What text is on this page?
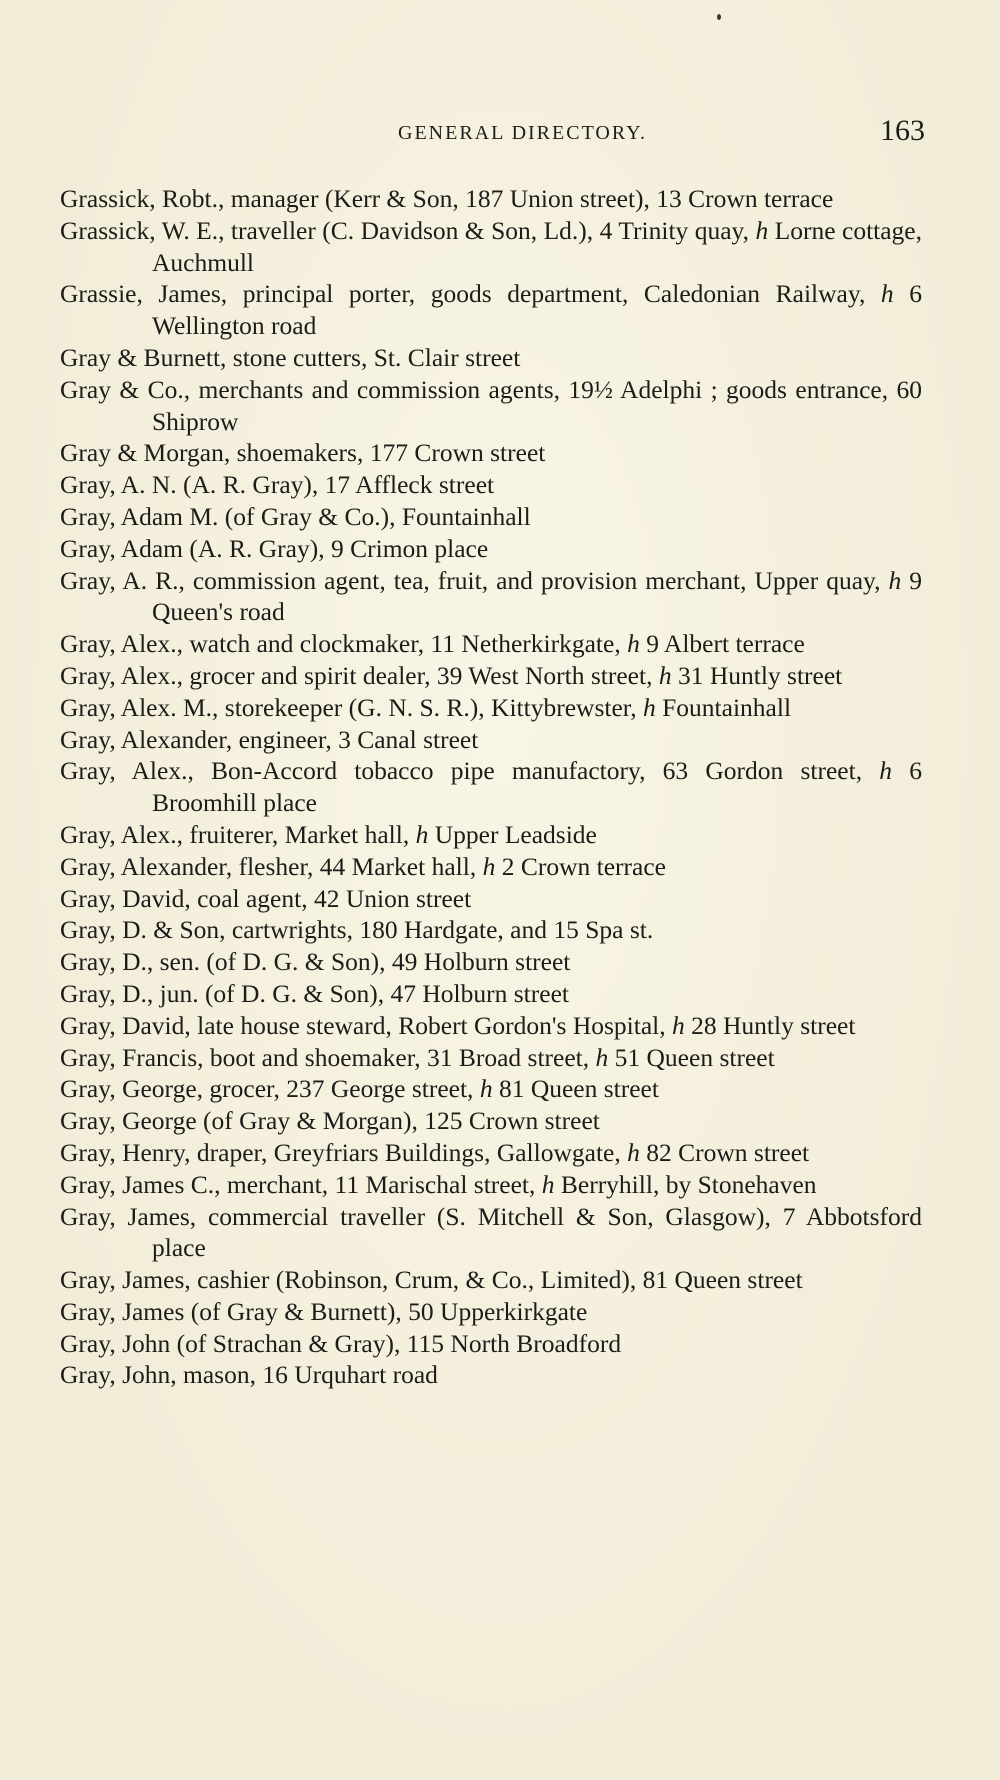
GENERAL DIRECTORY.	163
Grassick, Robt., manager (Kerr & Son, 187 Union street), 13 Crown terrace
Grassick, W. E., traveller (C. Davidson & Son, Ld.), 4 Trinity quay, h Lorne cottage, Auchmull
Grassie, James, principal porter, goods department, Caledonian Railway, h 6 Wellington road
Gray & Burnett, stone cutters, St. Clair street
Gray & Co., merchants and commission agents, 19½ Adelphi ; goods entrance, 60 Shiprow
Gray & Morgan, shoemakers, 177 Crown street
Gray, A. N. (A. R. Gray), 17 Affleck street
Gray, Adam M. (of Gray & Co.), Fountainhall
Gray, Adam (A. R. Gray), 9 Crimon place
Gray, A. R., commission agent, tea, fruit, and provision merchant, Upper quay, h 9 Queen's road
Gray, Alex., watch and clockmaker, 11 Netherkirkgate, h 9 Albert terrace
Gray, Alex., grocer and spirit dealer, 39 West North street, h 31 Huntly street
Gray, Alex. M., storekeeper (G. N. S. R.), Kittybrewster, h Fountainhall
Gray, Alexander, engineer, 3 Canal street
Gray, Alex., Bon-Accord tobacco pipe manufactory, 63 Gordon street, h 6 Broomhill place
Gray, Alex., fruiterer, Market hall, h Upper Leadside
Gray, Alexander, flesher, 44 Market hall, h 2 Crown terrace
Gray, David, coal agent, 42 Union street
Gray, D. & Son, cartwrights, 180 Hardgate, and 15 Spa st.
Gray, D., sen. (of D. G. & Son), 49 Holburn street
Gray, D., jun. (of D. G. & Son), 47 Holburn street
Gray, David, late house steward, Robert Gordon's Hospital, h 28 Huntly street
Gray, Francis, boot and shoemaker, 31 Broad street, h 51 Queen street
Gray, George, grocer, 237 George street, h 81 Queen street
Gray, George (of Gray & Morgan), 125 Crown street
Gray, Henry, draper, Greyfriars Buildings, Gallowgate, h 82 Crown street
Gray, James C., merchant, 11 Marischal street, h Berryhill, by Stonehaven
Gray, James, commercial traveller (S. Mitchell & Son, Glasgow), 7 Abbotsford place
Gray, James, cashier (Robinson, Crum, & Co., Limited), 81 Queen street
Gray, James (of Gray & Burnett), 50 Upperkirkgate
Gray, John (of Strachan & Gray), 115 North Broadford
Gray, John, mason, 16 Urquhart road
